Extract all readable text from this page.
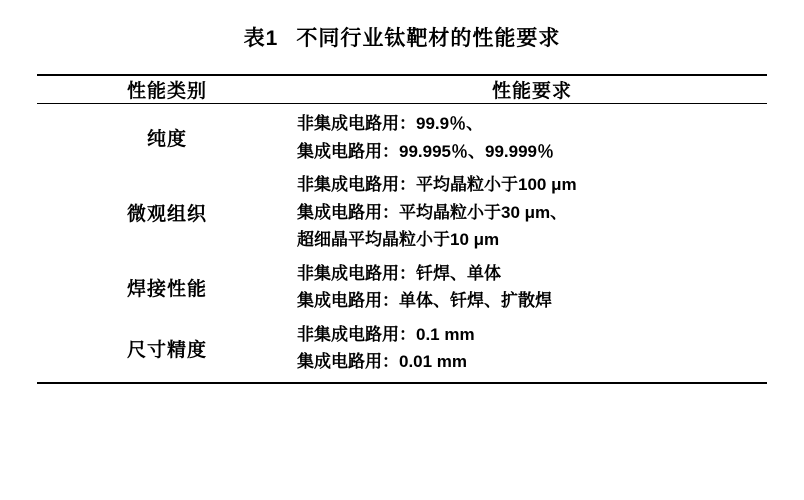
表1 不同行业钛靶材的性能要求
性能类别	性能要求

纯度	非集成电路用：99.9％、
集成电路用：99.995％、99.999％

微观组织	非集成电路用：平均晶粒小于100 μm
集成电路用：平均晶粒小于30 μm、
超细晶平均晶粒小于10 μm

焊接性能	非集成电路用：钎焊、单体
集成电路用：单体、钎焊、扩散焊

尺寸精度	非集成电路用：0.1 mm
集成电路用：0.01 mm
